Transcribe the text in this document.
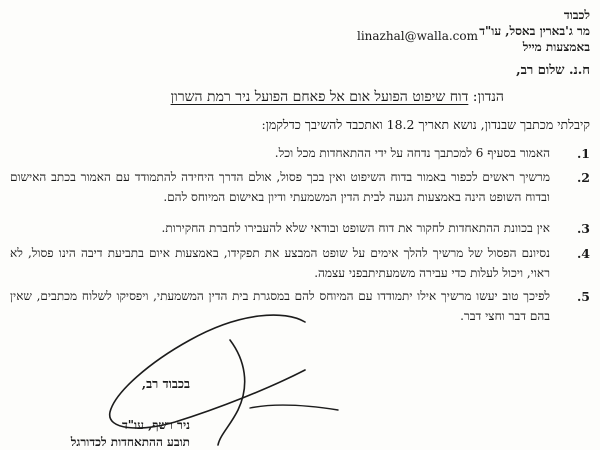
לכבוד
מר ג'בארין באסל, עו"ד
באמצעות מייל
linazhal@walla.com
ח.נ. שלום רב,
הנדון: דוח שיפוט הפועל אום אל פאחם הפועל ניר רמת השרון
קיבלתי מכתבך שבנדון, נושא תאריך 18.2 ואתכבד להשיבך כדלקמן:
1.
האמור בסעיף 6 למכתבך נדחה על ידי ההתאחדות מכל וכל.
2.
מרשיך ראשים לכפור באמור בדוח השיפוט ואין בכך פסול, אולם הדרך היחידה להתמודד עם האמור בכתב האישום ובדוח השופט הינה באמצעות הגעה לבית הדין המשמעתי ודיון באישום המיוחס להם.
3.
אין בכוונת ההתאחדות לחקור את דוח השופט ובודאי שלא להעבירו לחברת החקירות.
4.
נסיונם הפסול של מרשיך להלך אימים על שופט המבצע את תפקידו, באמצעות איום בתביעת דיבה הינו פסול, לא ראוי, ויכול לעלות כדי עבירה משמעתיתבפני עצמה.
5.
לפיכך טוב יעשו מרשיך אילו יתמודדו עם המיוחס להם במסגרת בית הדין המשמעתי, ויפסיקו לשלוח מכתבים, שאין בהם דבר וחצי דבר.
בכבוד רב,
ניר רשף, עו"ד
תובע ההתאחדות לכדורגל
